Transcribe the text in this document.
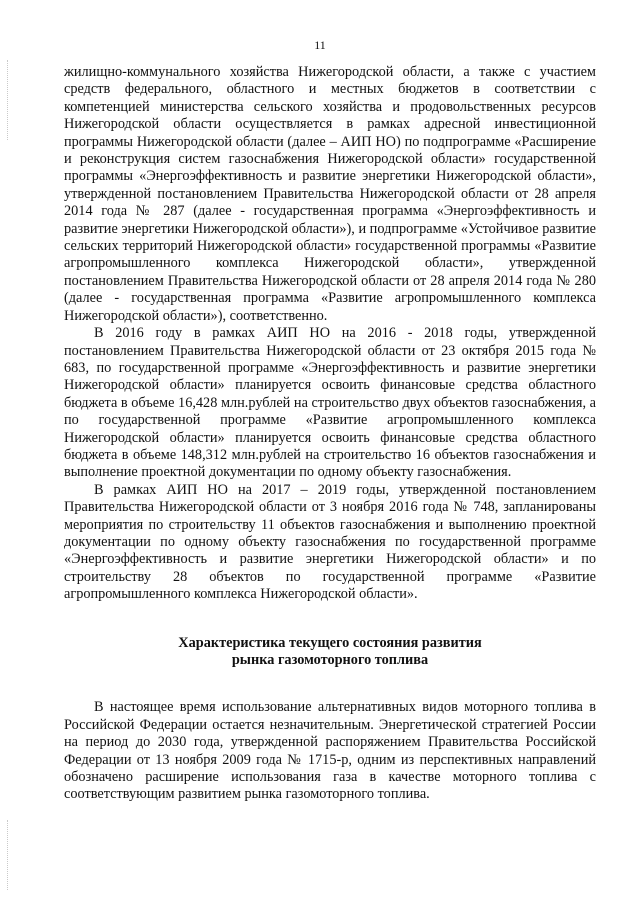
11

жилищно-коммунального хозяйства Нижегородской области, а также с участием средств федерального, областного и местных бюджетов в соответствии с компетенцией министерства сельского хозяйства и продовольственных ресурсов Нижегородской области осуществляется в рамках адресной инвестиционной программы Нижегородской области (далее – АИП НО) по подпрограмме «Расширение и реконструкция систем газоснабжения Нижегородской области» государственной программы «Энергоэффективность и развитие энергетики Нижегородской области», утвержденной постановлением Правительства Нижегородской области от 28 апреля 2014 года № 287 (далее - государственная программа «Энергоэффективность и развитие энергетики Нижегородской области»), и подпрограмме «Устойчивое развитие сельских территорий Нижегородской области» государственной программы «Развитие агропромышленного комплекса Нижегородской области», утвержденной постановлением Правительства Нижегородской области от 28 апреля 2014 года № 280 (далее - государственная программа «Развитие агропромышленного комплекса Нижегородской области»), соответственно.

В 2016 году в рамках АИП НО на 2016 - 2018 годы, утвержденной постановлением Правительства Нижегородской области от 23 октября 2015 года № 683, по государственной программе «Энергоэффективность и развитие энергетики Нижегородской области» планируется освоить финансовые средства областного бюджета в объеме 16,428 млн.рублей на строительство двух объектов газоснабжения, а по государственной программе «Развитие агропромышленного комплекса Нижегородской области» планируется освоить финансовые средства областного бюджета в объеме 148,312 млн.рублей на строительство 16 объектов газоснабжения и выполнение проектной документации по одному объекту газоснабжения.

В рамках АИП НО на 2017 – 2019 годы, утвержденной постановлением Правительства Нижегородской области от 3 ноября 2016 года № 748, запланированы мероприятия по строительству 11 объектов газоснабжения и выполнению проектной документации по одному объекту газоснабжения по государственной программе «Энергоэффективность и развитие энергетики Нижегородской области» и по строительству 28 объектов по государственной программе «Развитие агропромышленного комплекса Нижегородской области».

Характеристика текущего состояния развития
рынка газомоторного топлива

В настоящее время использование альтернативных видов моторного топлива в Российской Федерации остается незначительным. Энергетической стратегией России на период до 2030 года, утвержденной распоряжением Правительства Российской Федерации от 13 ноября 2009 года № 1715-р, одним из перспективных направлений обозначено расширение использования газа в качестве моторного топлива с соответствующим развитием рынка газомоторного топлива.
